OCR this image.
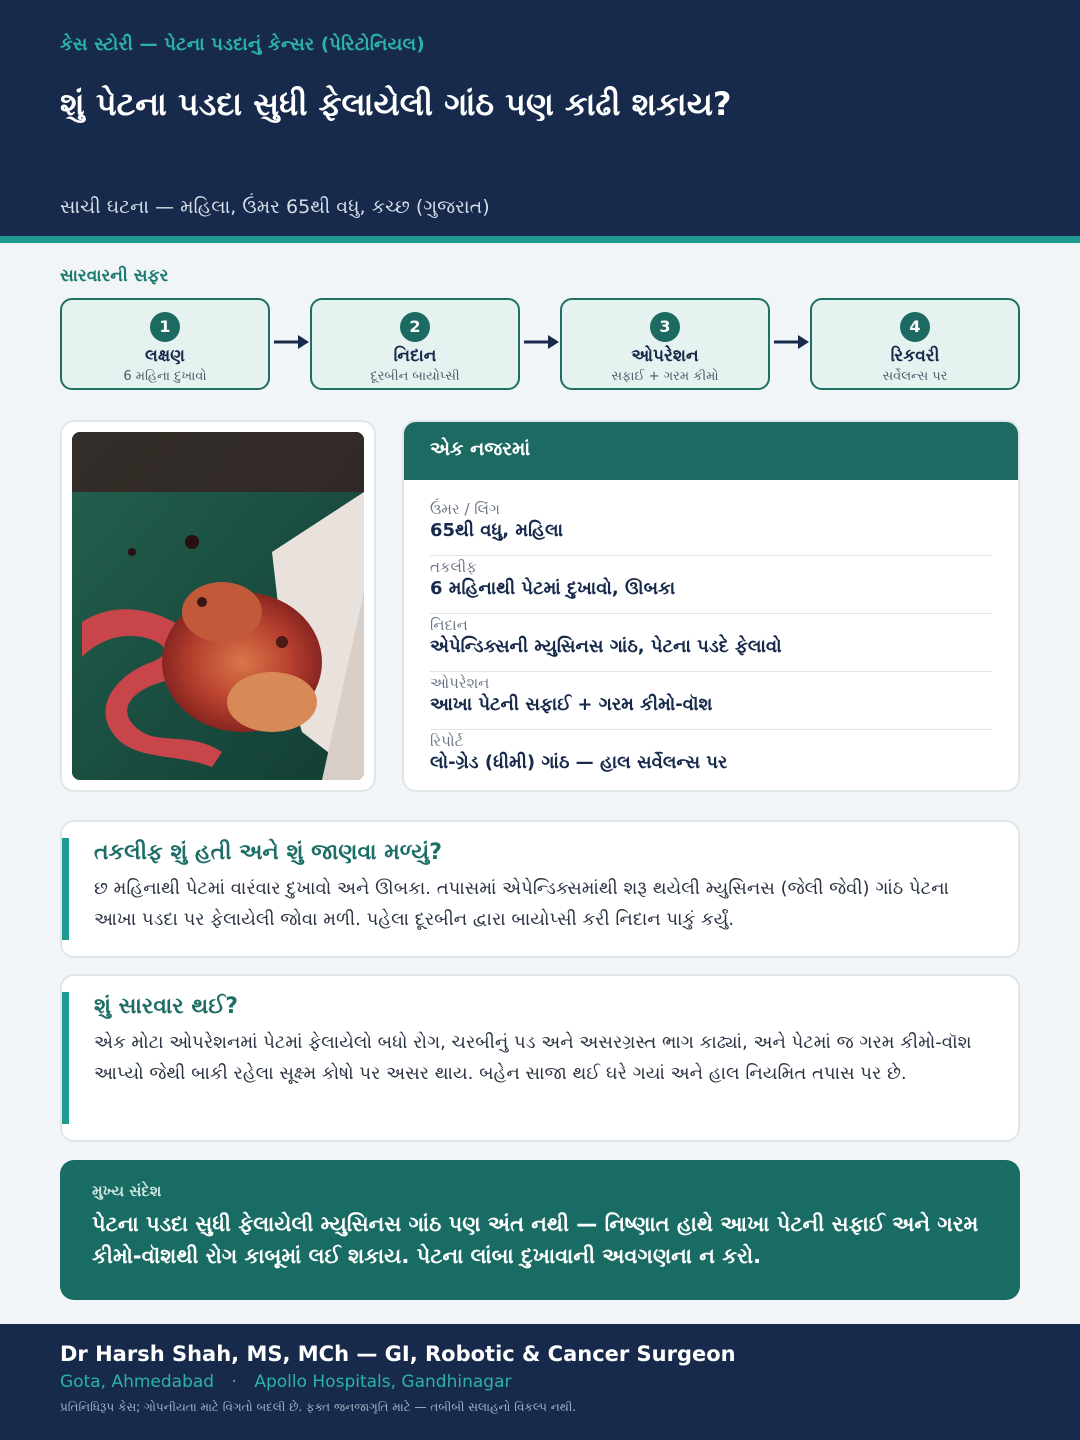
કેસ સ્ટોરી — પેટના પડદાનું કેન્સર (પેરિટોનિયલ)
શું પેટના પડદા સુધી ફેલાયેલી ગાંઠ પણ કાઢી શકાય?
સાચી ઘટના — મહિલા, ઉંમર 65થી વધુ, કચ્છ (ગુજરાત)
સારવારની સફર
1
લક્ષણ
6 મહિના દુખાવો
2
નિદાન
દૂરબીન બાયોપ્સી
3
ઓપરેશન
સફાઈ + ગરમ કીમો
4
રિકવરી
સર્વેલન્સ પર
એક નજરમાં
ઉંમર / લિંગ
65થી વધુ, મહિલા
તકલીફ
6 મહિનાથી પેટમાં દુખાવો, ઊબકા
નિદાન
એપેન્ડિક્સની મ્યુસિનસ ગાંઠ, પેટના પડદે ફેલાવો
ઓપરેશન
આખા પેટની સફાઈ + ગરમ કીમો-વૉશ
રિપોર્ટ
લો-ગ્રેડ (ધીમી) ગાંઠ — હાલ સર્વેલન્સ પર
તકલીફ શું હતી અને શું જાણવા મળ્યું?
છ મહિનાથી પેટમાં વારંવાર દુખાવો અને ઊબકા. તપાસમાં એપેન્ડિક્સમાંથી શરૂ થયેલી મ્યુસિનસ (જેલી જેવી) ગાંઠ પેટના આખા પડદા પર ફેલાયેલી જોવા મળી. પહેલા દૂરબીન દ્વારા બાયોપ્સી કરી નિદાન પાકું કર્યું.
શું સારવાર થઈ?
એક મોટા ઓપરેશનમાં પેટમાં ફેલાયેલો બધો રોગ, ચરબીનું પડ અને અસરગ્રસ્ત ભાગ કાઢ્યાં, અને પેટમાં જ ગરમ કીમો-વૉશ આપ્યો જેથી બાકી રહેલા સૂક્ષ્મ કોષો પર અસર થાય. બહેન સાજા થઈ ઘરે ગયાં અને હાલ નિયમિત તપાસ પર છે.
મુખ્ય સંદેશ
પેટના પડદા સુધી ફેલાયેલી મ્યુસિનસ ગાંઠ પણ અંત નથી — નિષ્ણાત હાથે આખા પેટની સફાઈ અને ગરમ કીમો-વૉશથી રોગ કાબૂમાં લઈ શકાય. પેટના લાંબા દુખાવાની અવગણના ન કરો.
Dr Harsh Shah, MS, MCh — GI, Robotic & Cancer Surgeon
Gota, Ahmedabad · Apollo Hospitals, Gandhinagar
પ્રતિનિધિરૂપ કેસ; ગોપનીયતા માટે વિગતો બદલી છે. ફક્ત જનજાગૃતિ માટે — તબીબી સલાહનો વિકલ્પ નથી.
